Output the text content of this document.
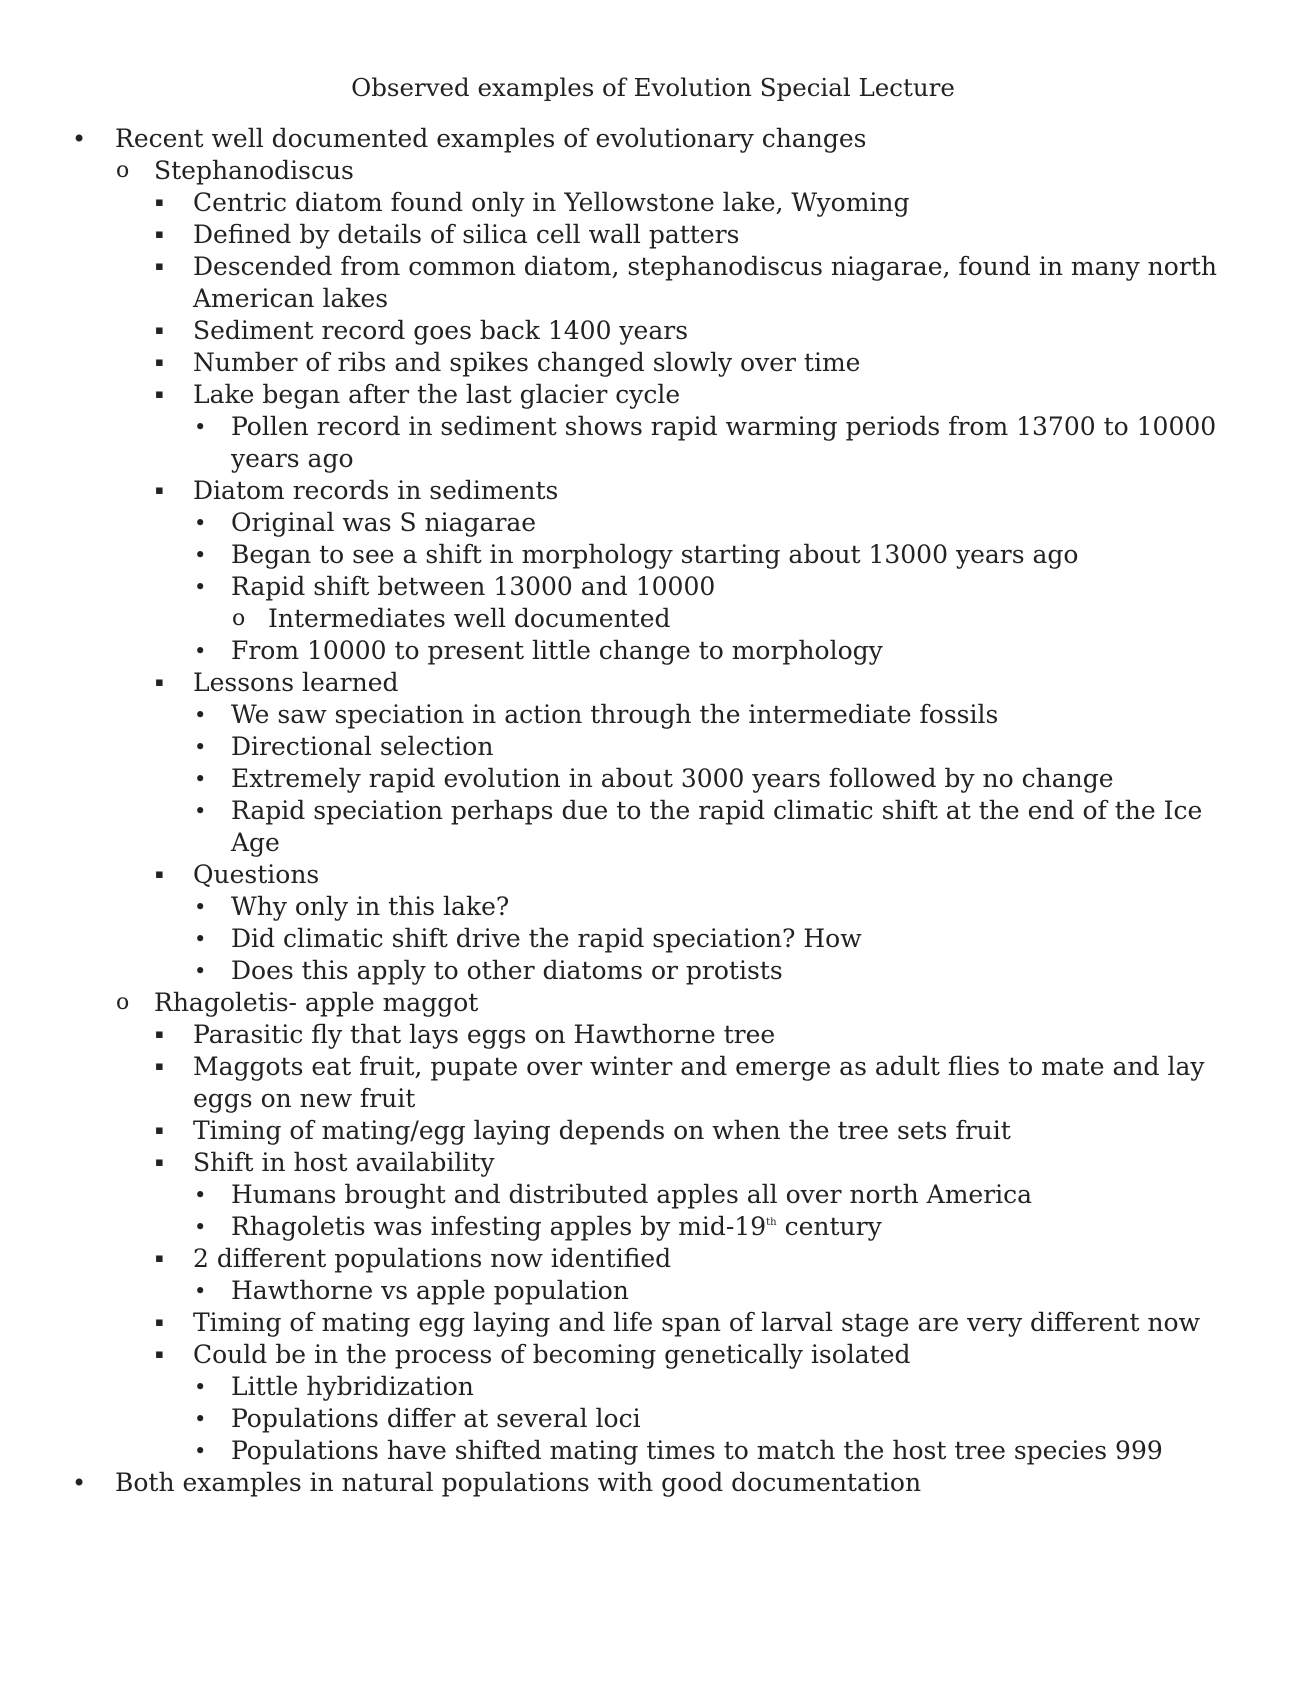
Observed examples of Evolution Special Lecture
•	Recent well documented examples of evolutionary changes
o Stephanodiscus
▪	Centric diatom found only in Yellowstone lake, Wyoming
▪	Defined by details of silica cell wall patters
▪	Descended from common diatom, stephanodiscus niagarae, found in many north American lakes
▪	Sediment record goes back 1400 years
▪	Number of ribs and spikes changed slowly over time
▪	Lake began after the last glacier cycle
• Pollen record in sediment shows rapid warming periods from 13700 to 10000 years ago
▪	Diatom records in sediments
• Original was S niagarae
• Began to see a shift in morphology starting about 13000 years ago
• Rapid shift between 13000 and 10000
o Intermediates well documented
• From 10000 to present little change to morphology
▪	Lessons learned
• We saw speciation in action through the intermediate fossils
• Directional selection
• Extremely rapid evolution in about 3000 years followed by no change
• Rapid speciation perhaps due to the rapid climatic shift at the end of the Ice Age
▪	Questions
• Why only in this lake?
• Did climatic shift drive the rapid speciation? How
• Does this apply to other diatoms or protists
o Rhagoletis- apple maggot
▪	Parasitic fly that lays eggs on Hawthorne tree
▪	Maggots eat fruit, pupate over winter and emerge as adult flies to mate and lay eggs on new fruit
▪	Timing of mating/egg laying depends on when the tree sets fruit
▪	Shift in host availability
• Humans brought and distributed apples all over north America
• Rhagoletis was infesting apples by mid-19th century
▪	2 different populations now identified
• Hawthorne vs apple population
▪	Timing of mating egg laying and life span of larval stage are very different now
▪	Could be in the process of becoming genetically isolated
• Little hybridization
• Populations differ at several loci
• Populations have shifted mating times to match the host tree species 999
•	Both examples in natural populations with good documentation
